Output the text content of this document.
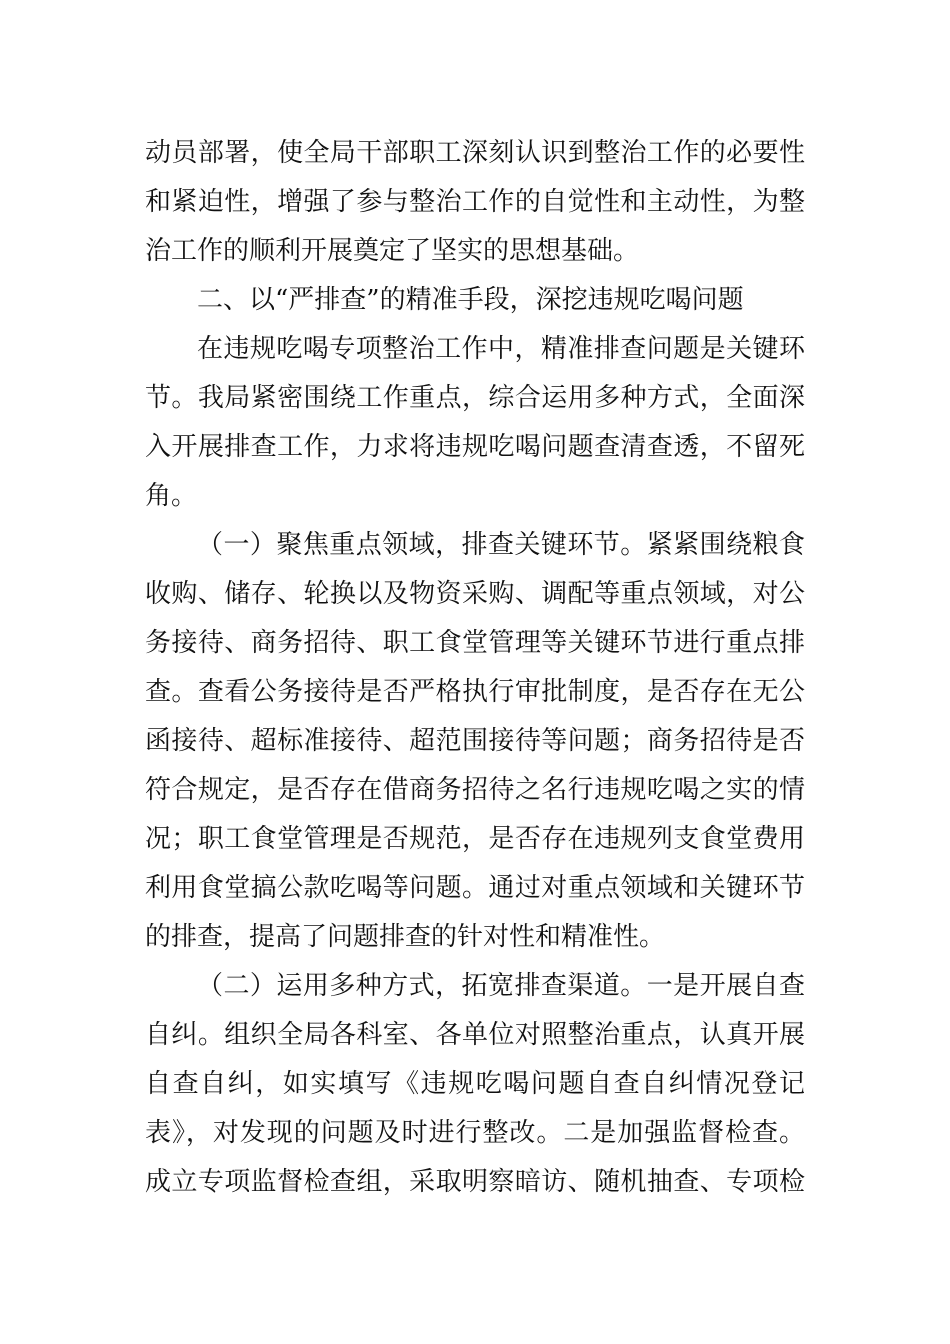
动员部署，使全局干部职工深刻认识到整治工作的必要性
和紧迫性，增强了参与整治工作的自觉性和主动性，为整
治工作的顺利开展奠定了坚实的思想基础。
二、以“严排查”的精准手段，深挖违规吃喝问题
在违规吃喝专项整治工作中，精准排查问题是关键环
节。我局紧密围绕工作重点，综合运用多种方式，全面深
入开展排查工作，力求将违规吃喝问题查清查透，不留死
角。
（一）聚焦重点领域，排查关键环节。紧紧围绕粮食
收购、储存、轮换以及物资采购、调配等重点领域，对公
务接待、商务招待、职工食堂管理等关键环节进行重点排
查。查看公务接待是否严格执行审批制度，是否存在无公
函接待、超标准接待、超范围接待等问题；商务招待是否
符合规定，是否存在借商务招待之名行违规吃喝之实的情
况；职工食堂管理是否规范，是否存在违规列支食堂费用
利用食堂搞公款吃喝等问题。通过对重点领域和关键环节
的排查，提高了问题排查的针对性和精准性。
（二）运用多种方式，拓宽排查渠道。一是开展自查
自纠。组织全局各科室、各单位对照整治重点，认真开展
自查自纠，如实填写《违规吃喝问题自查自纠情况登记
表》，对发现的问题及时进行整改。二是加强监督检查。
成立专项监督检查组，采取明察暗访、随机抽查、专项检
